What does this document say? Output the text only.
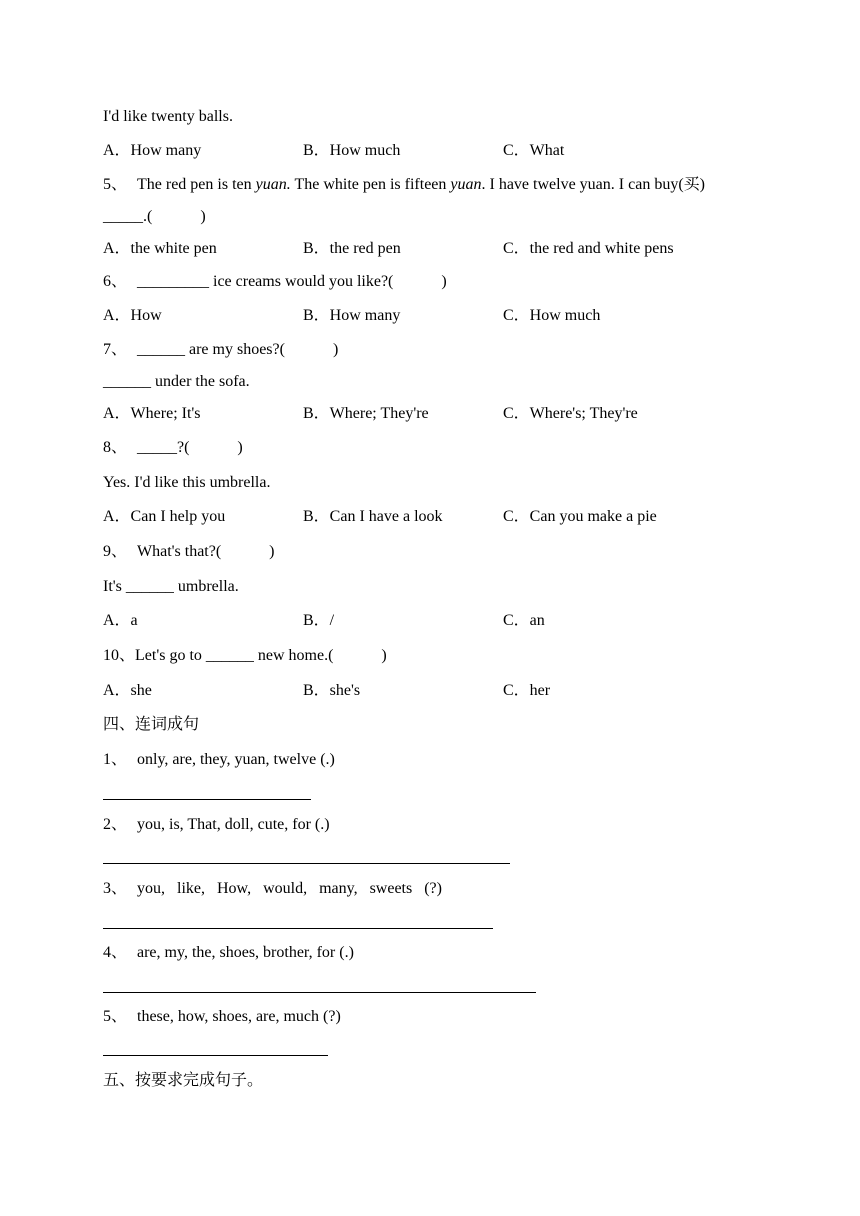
I'd like twenty balls.
A．How many	B．How much	C．What
5、 The red pen is ten yuan. The white pen is fifteen yuan. I have twelve yuan. I can buy(买)
_____.(　　　)
A．the white pen	B．the red pen	C．the red and white pens
6、 _________ ice creams would you like?(　　　)
A．How	B．How many	C．How much
7、 ______ are my shoes?(　　　)
______ under the sofa.
A．Where; It's	B．Where; They're	C．Where's; They're
8、 _____?(　　　)
Yes. I'd like this umbrella.
A．Can I help you	B．Can I have a look	C．Can you make a pie
9、 What's that?(　　　)
It's ______ umbrella.
A．a	B．/	C．an
10、Let's go to ______ new home.(　　　)
A．she	B．she's	C．her
四、连词成句
1、 only, are, they, yuan, twelve (.)
2、 you, is, That, doll, cute, for (.)
3、 you, like, How, would, many, sweets (?)
4、 are, my, the, shoes, brother, for (.)
5、 these, how, shoes, are, much (?)
五、按要求完成句子。
